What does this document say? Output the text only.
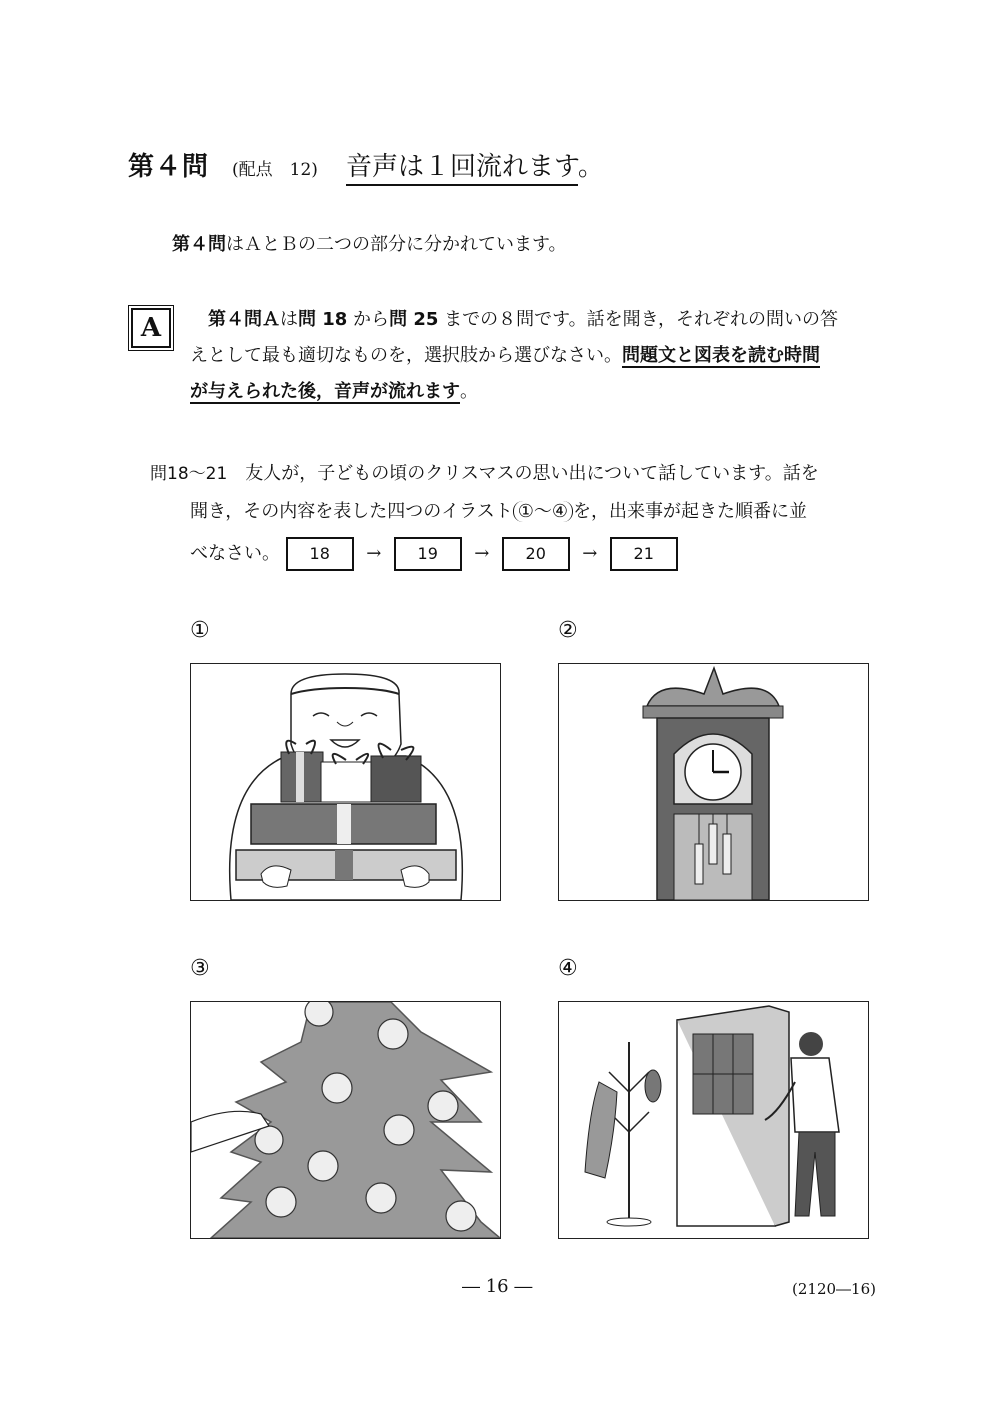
第４問 (配点　12) 音声は１回流れます。
第４問はＡとＢの二つの部分に分かれています。
A	第４問Ａは問 18 から問 25 までの８問です。話を聞き，それぞれの問いの答
えとして最も適切なものを，選択肢から選びなさい。問題文と図表を読む時間
が与えられた後，音声が流れます。
問18～21　 友人が，子どもの頃のクリスマスの思い出について話しています。話を
聞き，その内容を表した四つのイラスト ①～④ を，出来事が起きた順番に並
べなさい。 18 → 19 → 20 → 21
①	②
③	④
― 16 ―	(2120―16)
